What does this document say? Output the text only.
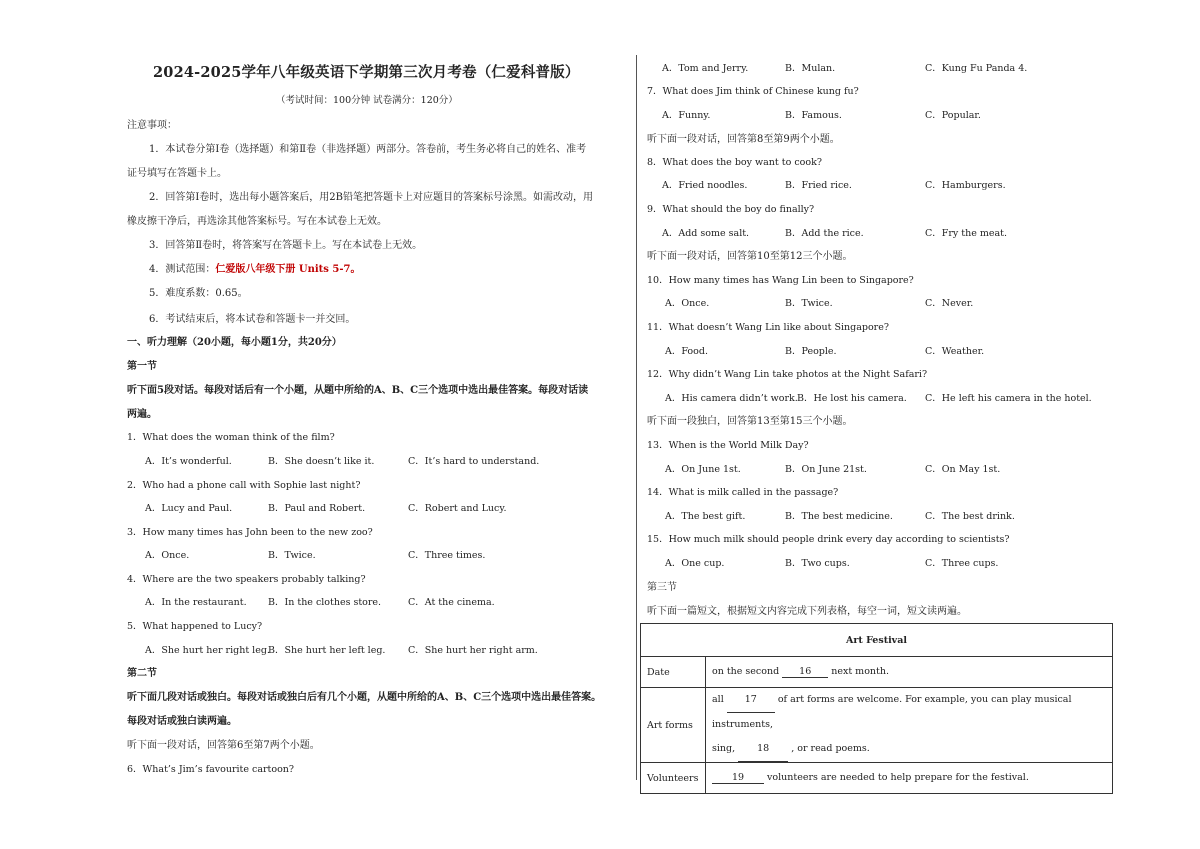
2024-2025学年八年级英语下学期第三次月考卷（仁爱科普版）
（考试时间：100分钟 试卷满分：120分）
注意事项：
1．本试卷分第Ⅰ卷（选择题）和第Ⅱ卷（非选择题）两部分。答卷前，考生务必将自己的姓名、准考
证号填写在答题卡上。
2．回答第Ⅰ卷时，选出每小题答案后，用2B铅笔把答题卡上对应题目的答案标号涂黑。如需改动，用
橡皮擦干净后，再选涂其他答案标号。写在本试卷上无效。
3．回答第Ⅱ卷时，将答案写在答题卡上。写在本试卷上无效。
4．测试范围：仁爱版八年级下册 Units 5-7。
5．难度系数：0.65。
6．考试结束后，将本试卷和答题卡一并交回。
一、听力理解（20小题，每小题1分，共20分）
第一节
听下面5段对话。每段对话后有一个小题，从题中所给的A、B、C三个选项中选出最佳答案。每段对话读
两遍。
1．What does the woman think of the film?
A．It’s wonderful.	B．She doesn’t like it.	C．It’s hard to understand.
2．Who had a phone call with Sophie last night?
A．Lucy and Paul.	B．Paul and Robert.	C．Robert and Lucy.
3．How many times has John been to the new zoo?
A．Once.	B．Twice.	C．Three times.
4．Where are the two speakers probably talking?
A．In the restaurant. B．In the clothes store.	C．At the cinema.
5．What happened to Lucy?
A．She hurt her right leg.
B．She hurt her left leg. C．She hurt her right arm.
第二节
听下面几段对话或独白。每段对话或独白后有几个小题，从题中所给的A、B、C三个选项中选出最佳答案。
每段对话或独白读两遍。
听下面一段对话，回答第6至第7两个小题。
6．What’s Jim’s favourite cartoon?
A．Tom and Jerry.	B．Mulan.	C．Kung Fu Panda 4.
7．What does Jim think of Chinese kung fu?
A．Funny.	B．Famous.	C．Popular.
听下面一段对话，回答第8至第9两个小题。
8．What does the boy want to cook?
A．Fried noodles.	B．Fried rice.	C．Hamburgers.
9．What should the boy do finally?
A．Add some salt.	B．Add the rice.	C．Fry the meat.
听下面一段对话，回答第10至第12三个小题。
10．How many times has Wang Lin been to Singapore?
A．Once.	B．Twice.	C．Never.
11．What doesn’t Wang Lin like about Singapore?
A．Food.	B．People.	C．Weather.
12．Why didn’t Wang Lin take photos at the Night Safari?
A．His camera didn’t work. B．He lost his camera. C．He left his camera in the hotel.
听下面一段独白，回答第13至第15三个小题。
13．When is the World Milk Day?
A．On June 1st.	B．On June 21st.	C．On May 1st.
14．What is milk called in the passage?
A．The best gift.	B．The best medicine.	C．The best drink.
15．How much milk should people drink every day according to scientists?
A．One cup.	B．Two cups.	C．Three cups.
第三节
听下面一篇短文，根据短文内容完成下列表格，每空一词，短文读两遍。
Art Festival	
Date	on the second 16 next month.
Art forms	all 17 of art forms are welcome. For example, you can play musical instruments,
sing, 18 , or read poems.

Volunteers	19 volunteers are needed to help prepare for the festival.
